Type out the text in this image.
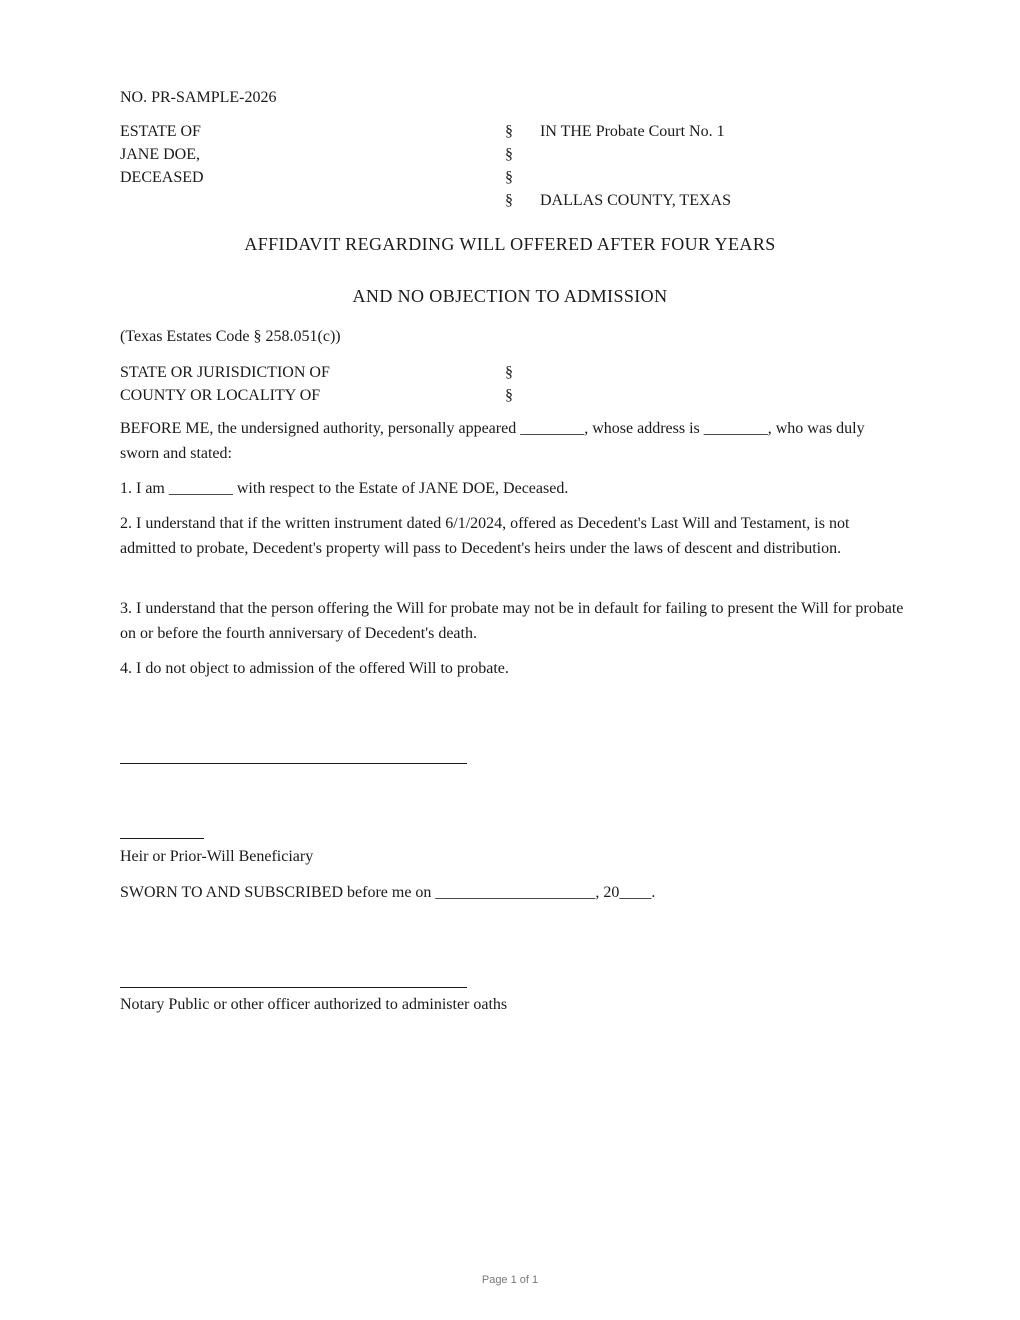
NO. PR-SAMPLE-2026
ESTATE OF
JANE DOE,
DECEASED
§
§
§
§
IN THE Probate Court No. 1
DALLAS COUNTY, TEXAS
AFFIDAVIT REGARDING WILL OFFERED AFTER FOUR YEARS
AND NO OBJECTION TO ADMISSION
(Texas Estates Code § 258.051(c))
STATE OR JURISDICTION OF
COUNTY OR LOCALITY OF
§
§
BEFORE ME, the undersigned authority, personally appeared ________, whose address is ________, who was duly sworn and stated:
1. I am ________ with respect to the Estate of JANE DOE, Deceased.
2. I understand that if the written instrument dated 6/1/2024, offered as Decedent's Last Will and Testament, is not admitted to probate, Decedent's property will pass to Decedent's heirs under the laws of descent and distribution.
3. I understand that the person offering the Will for probate may not be in default for failing to present the Will for probate on or before the fourth anniversary of Decedent's death.
4. I do not object to admission of the offered Will to probate.
Heir or Prior-Will Beneficiary
SWORN TO AND SUBSCRIBED before me on ____________________, 20____.
Notary Public or other officer authorized to administer oaths
Page 1 of 1
